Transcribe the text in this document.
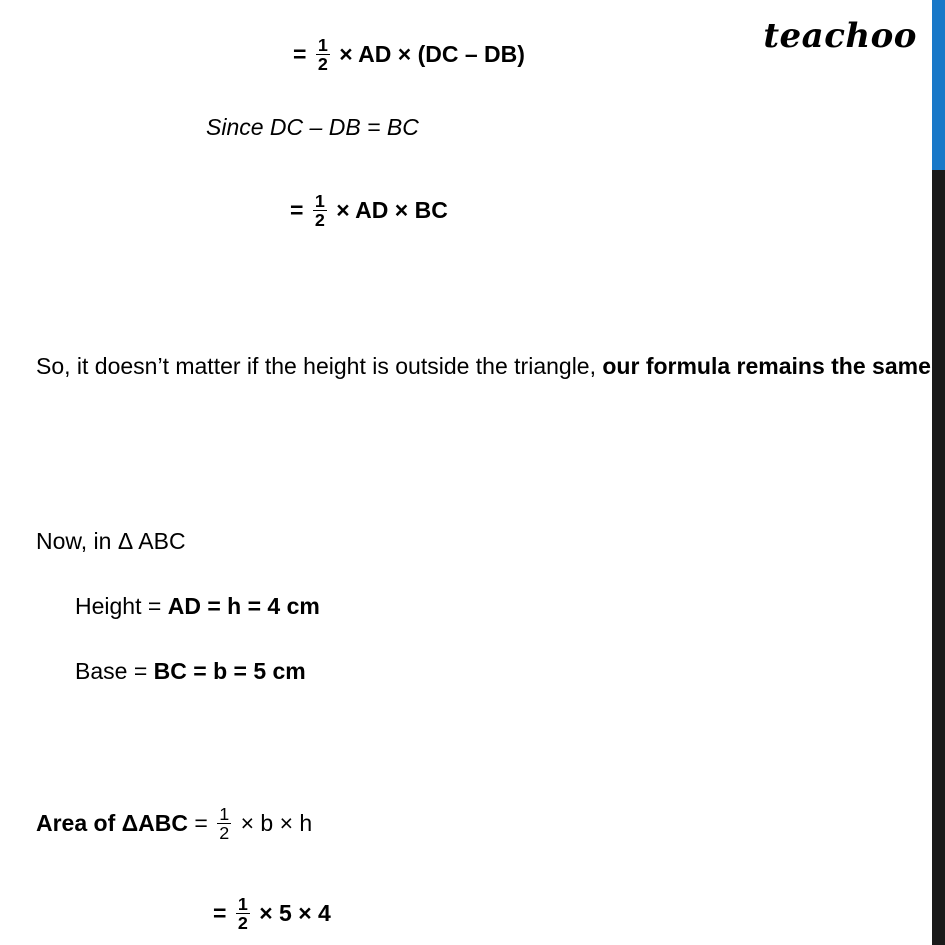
teachoo
= $\frac{1}{2}$ × AD × (DC – DB)
Since DC – DB = BC
= $\frac{1}{2}$ × AD × BC
So, it doesn’t matter if the height is outside the triangle, our formula remains the same
Now, in Δ ABC
Height = AD = h = 4 cm
Base = BC = b = 5 cm
Area of $\Delta ABC = \frac{1}{2} \times b \times h$
= $\frac{1}{2} \times 5 \times 4$
